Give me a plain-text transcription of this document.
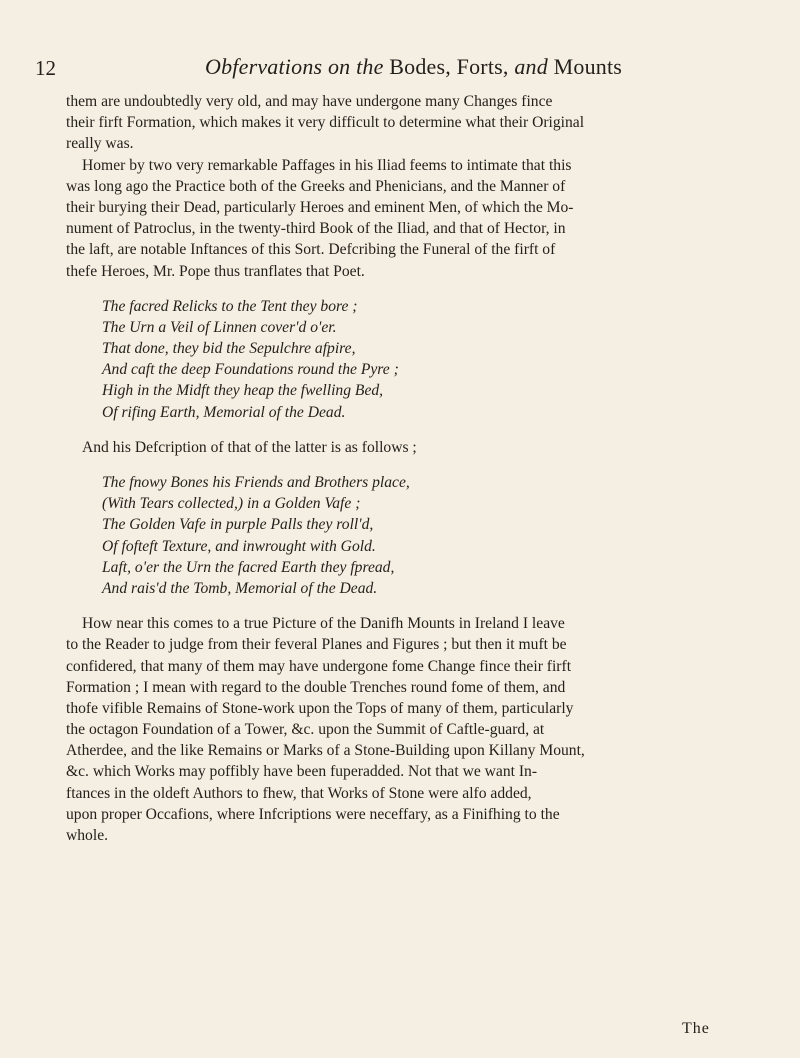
12	Obfervations on the Bodes, Forts, and Mounts
them are undoubtedly very old, and may have undergone many Changes fince
their firft Formation, which makes it very difficult to determine what their Original
really was.
Homer by two very remarkable Paffages in his Iliad feems to intimate that this
was long ago the Practice both of the Greeks and Phenicians, and the Manner of
their burying their Dead, particularly Heroes and eminent Men, of which the Mo-
nument of Patroclus, in the twenty-third Book of the Iliad, and that of Hector, in
the laft, are notable Inftances of this Sort. Defcribing the Funeral of the firft of
thefe Heroes, Mr. Pope thus tranflates that Poet.
The facred Relicks to the Tent they bore ;
The Urn a Veil of Linnen cover'd o'er.
That done, they bid the Sepulchre afpire,
And caft the deep Foundations round the Pyre ;
High in the Midft they heap the fwelling Bed,
Of rifing Earth, Memorial of the Dead.
And his Defcription of that of the latter is as follows ;
The fnowy Bones his Friends and Brothers place,
(With Tears collected,) in a Golden Vafe ;
The Golden Vafe in purple Palls they roll'd,
Of fofteft Texture, and inwrought with Gold.
Laft, o'er the Urn the facred Earth they fpread,
And rais'd the Tomb, Memorial of the Dead.
How near this comes to a true Picture of the Danifh Mounts in Ireland I leave
to the Reader to judge from their feveral Planes and Figures ; but then it muft be
confidered, that many of them may have undergone fome Change fince their firft
Formation ; I mean with regard to the double Trenches round fome of them, and
thofe vifible Remains of Stone-work upon the Tops of many of them, particularly
the octagon Foundation of a Tower, &c. upon the Summit of Caftle-guard, at
Atherdee, and the like Remains or Marks of a Stone-Building upon Killany Mount,
&c. which Works may poffibly have been fuperadded. Not that we want In-
ftances in the oldeft Authors to fhew, that Works of Stone were alfo added,
upon proper Occafions, where Infcriptions were neceffary, as a Finifhing to the
whole.
The
